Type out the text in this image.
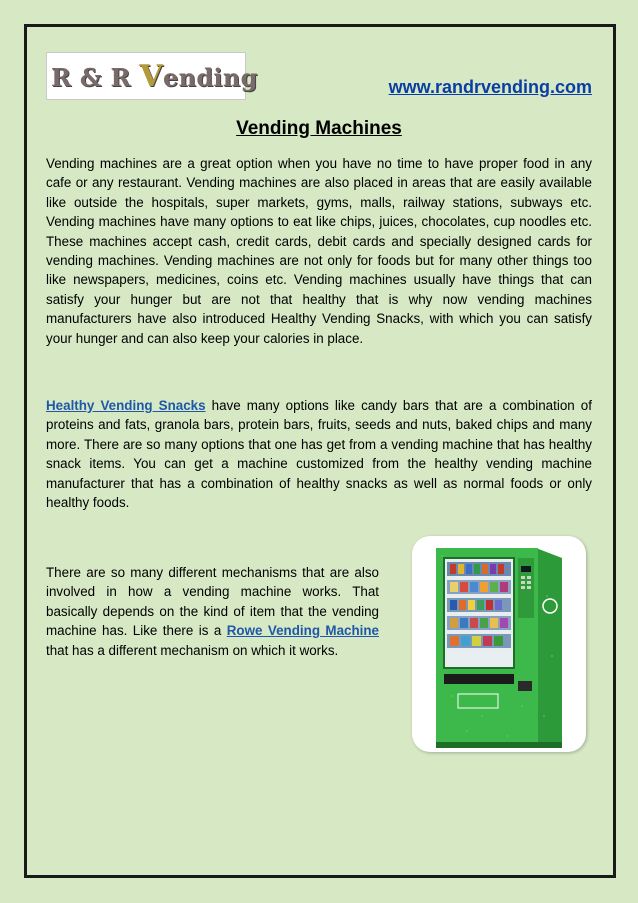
R & R Vending	www.randrvending.com
Vending Machines
Vending machines are a great option when you have no time to have proper food in any cafe or any restaurant. Vending machines are also placed in areas that are easily available like outside the hospitals, super markets, gyms, malls, railway stations, subways etc. Vending machines have many options to eat like chips, juices, chocolates, cup noodles etc. These machines accept cash, credit cards, debit cards and specially designed cards for vending machines. Vending machines are not only for foods but for many other things too like newspapers, medicines, coins etc. Vending machines usually have things that can satisfy your hunger but are not that healthy that is why now vending machines manufacturers have also introduced Healthy Vending Snacks, with which you can satisfy your hunger and can also keep your calories in place.
Healthy Vending Snacks have many options like candy bars that are a combination of proteins and fats, granola bars, protein bars, fruits, seeds and nuts, baked chips and many more. There are so many options that one has get from a vending machine that has healthy snack items. You can get a machine customized from the healthy vending machine manufacturer that has a combination of healthy snacks as well as normal foods or only healthy foods.
There are so many different mechanisms that are also involved in how a vending machine works. That basically depends on the kind of item that the vending machine has. Like there is a Rowe Vending Machine that has a different mechanism on which it works.
